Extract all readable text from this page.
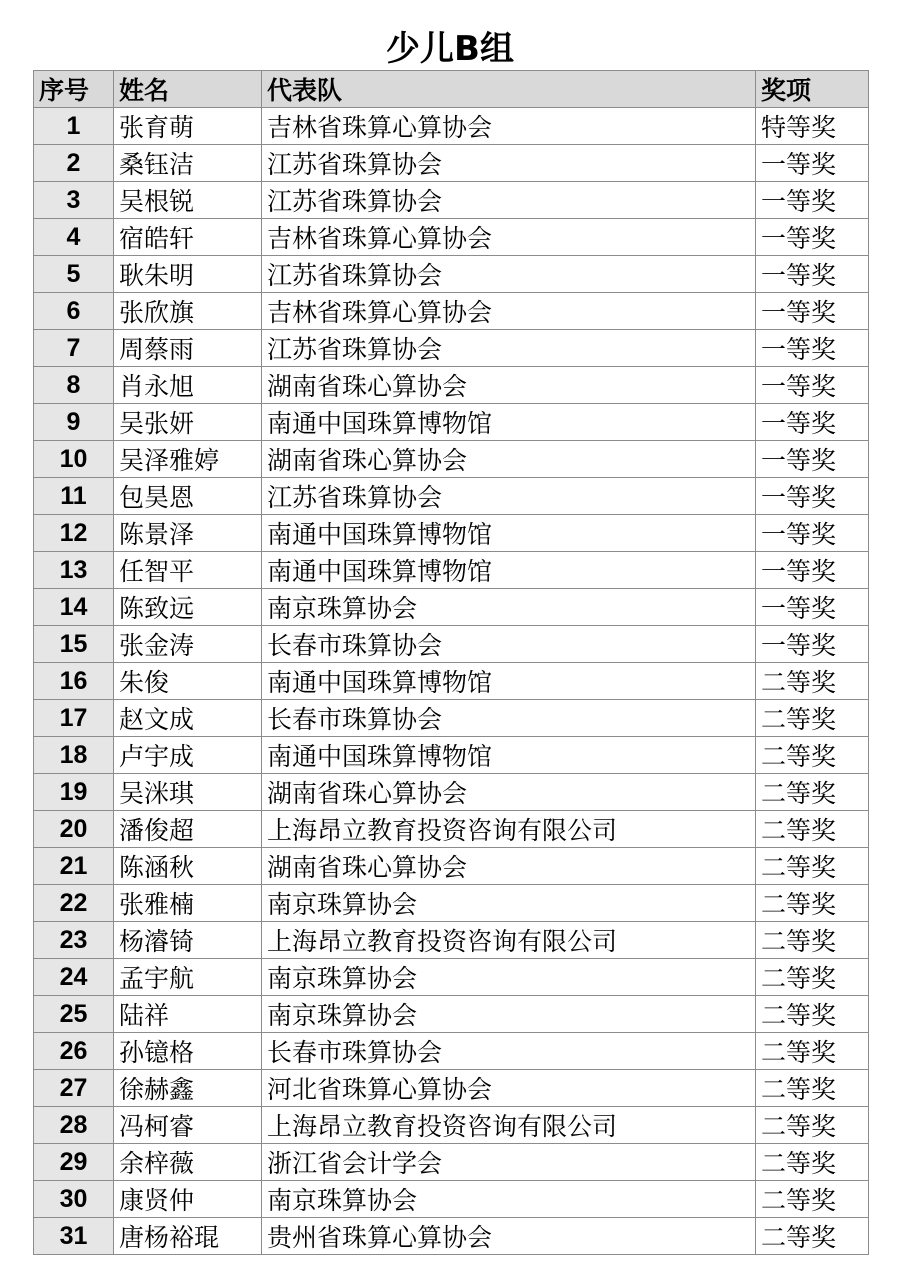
少儿B组
序号	姓名	代表队	奖项
1	张育萌	吉林省珠算心算协会	特等奖
2	桑钰洁	江苏省珠算协会	一等奖
3	吴根锐	江苏省珠算协会	一等奖
4	宿皓轩	吉林省珠算心算协会	一等奖
5	耿朱明	江苏省珠算协会	一等奖
6	张欣旗	吉林省珠算心算协会	一等奖
7	周蔡雨	江苏省珠算协会	一等奖
8	肖永旭	湖南省珠心算协会	一等奖
9	吴张妍	南通中国珠算博物馆	一等奖
10	吴泽雅婷	湖南省珠心算协会	一等奖
11	包昊恩	江苏省珠算协会	一等奖
12	陈景泽	南通中国珠算博物馆	一等奖
13	任智平	南通中国珠算博物馆	一等奖
14	陈致远	南京珠算协会	一等奖
15	张金涛	长春市珠算协会	一等奖
16	朱俊	南通中国珠算博物馆	二等奖
17	赵文成	长春市珠算协会	二等奖
18	卢宇成	南通中国珠算博物馆	二等奖
19	吴洣琪	湖南省珠心算协会	二等奖
20	潘俊超	上海昂立教育投资咨询有限公司	二等奖
21	陈涵秋	湖南省珠心算协会	二等奖
22	张雅楠	南京珠算协会	二等奖
23	杨濬锜	上海昂立教育投资咨询有限公司	二等奖
24	孟宇航	南京珠算协会	二等奖
25	陆祥	南京珠算协会	二等奖
26	孙镱格	长春市珠算协会	二等奖
27	徐赫鑫	河北省珠算心算协会	二等奖
28	冯柯睿	上海昂立教育投资咨询有限公司	二等奖
29	余梓薇	浙江省会计学会	二等奖
30	康贤仲	南京珠算协会	二等奖
31	唐杨裕琨	贵州省珠算心算协会	二等奖
